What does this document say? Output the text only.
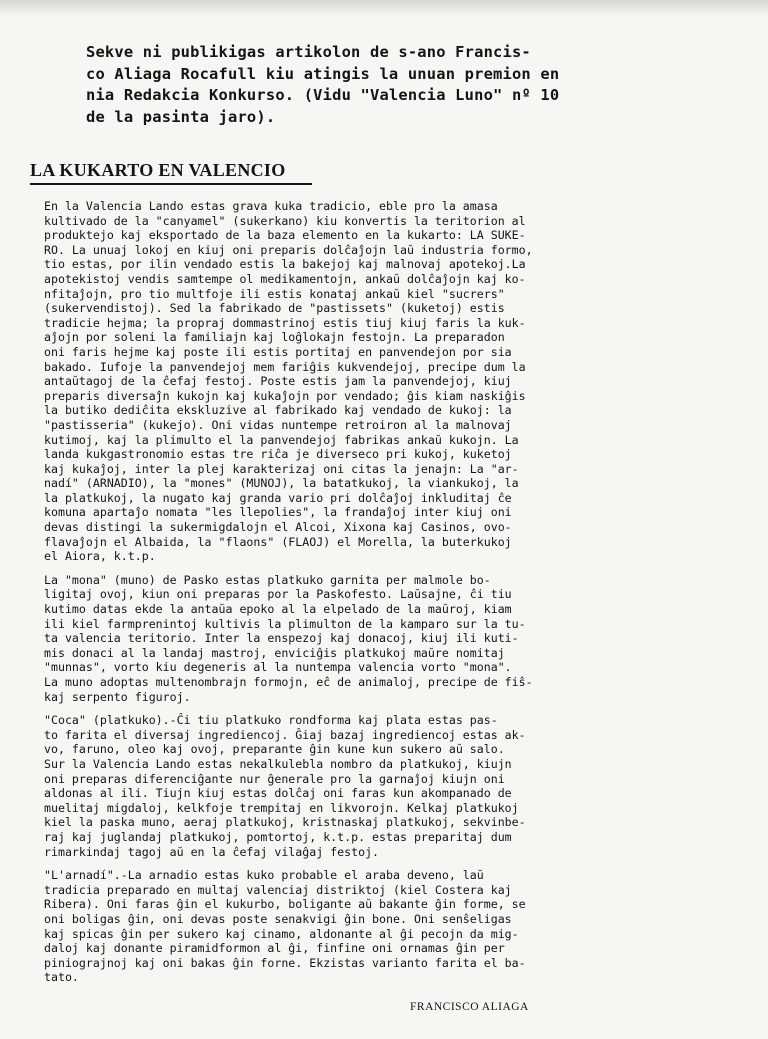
Sekve ni publikigas artikolon de s-ano Francis-
co Aliaga Rocafull kiu atingis la unuan premion en
nia Redakcia Konkurso. (Vidu "Valencia Luno" nº 10
de la pasinta jaro).
LA KUKARTO EN VALENCIO

En la Valencia Lando estas grava kuka tradicio, eble pro la amasa
kultivado de la "canyamel" (sukerkano) kiu konvertis la teritorion al
produktejo kaj eksportado de la baza elemento en la kukarto: LA SUKE-
RO. La unuaj lokoj en kiuj oni preparis dolĉaĵojn laŭ industria formo,
tio estas, por ilin vendado estis la bakejoj kaj malnovaj apotekoj.La
apotekistoj vendis samtempe ol medikamentojn, ankaŭ dolĉaĵojn kaj ko-
nfitaĵojn, pro tio multfoje ili estis konataj ankaŭ kiel "sucrers"
(sukervendistoj). Sed la fabrikado de "pastissets" (kuketoj) estis
tradicie hejma; la propraj dommastrinoj estis tiuj kiuj faris la kuk-
aĵojn por soleni la familiajn kaj loĝlokajn festojn. La preparadon
oni faris hejme kaj poste ili estis portitaj en panvendejon por sia
bakado. Iufoje la panvendejoj mem fariĝis kukvendejoj, precipe dum la
antaŭtagoj de la ĉefaj festoj. Poste estis jam la panvendejoj, kiuj
preparis diversaĵn kukojn kaj kukaĵojn por vendado; ĝis kiam naskiĝis
la butiko dediĉita ekskluzive al fabrikado kaj vendado de kukoj: la
"pastisseria" (kukejo). Oni vidas nuntempe retroiron al la malnovaj
kutimoj, kaj la plimulto el la panvendejoj fabrikas ankaŭ kukojn. La
landa kukgastronomio estas tre riĉa je diverseco pri kukoj, kuketoj
kaj kukaĵoj, inter la plej karakterizaj oni citas la jenajn: La "ar-
nadí" (ARNADIO), la "mones" (MUNOJ), la batatkukoj, la viankukoj, la
la platkukoj, la nugato kaj granda vario pri dolĉaĵoj inkluditaj ĉe
komuna apartaĵo nomata "les llepolies", la frandaĵoj inter kiuj oni
devas distingi la sukermigdalojn el Alcoi, Xixona kaj Casinos, ovo-
flavaĵojn el Albaida, la "flaons" (FLAOJ) el Morella, la buterkukoj
el Aiora, k.t.p.

La "mona" (muno) de Pasko estas platkuko garnita per malmole bo-
ligitaj ovoj, kiun oni preparas por la Paskofesto. Laŭsajne, ĉi tiu
kutimo datas ekde la antaŭa epoko al la elpelado de la maŭroj, kiam
ili kiel farmprenintoj kultivis la plimulton de la kamparo sur la tu-
ta valencia teritorio. Inter la enspezoj kaj donacoj, kiuj ili kuti-
mis donaci al la landaj mastroj, enviciĝis platkukoj maŭre nomitaj
"munnas", vorto kiu degeneris al la nuntempa valencia vorto "mona".
La muno adoptas multenombrajn formojn, eĉ de animaloj, precipe de fiŝ-
kaj serpento figuroj.

"Coca" (platkuko).-Ĉi tiu platkuko rondforma kaj plata estas pas-
to farita el diversaj ingrediencoj. Ĝiaj bazaj ingrediencoj estas ak-
vo, faruno, oleo kaj ovoj, preparante ĝin kune kun sukero aŭ salo.
Sur la Valencia Lando estas nekalkulebla nombro da platkukoj, kiujn
oni preparas diferenciĝante nur ĝenerale pro la garnaĵoj kiujn oni
aldonas al ili. Tiujn kiuj estas dolĉaj oni faras kun akompanado de
muelitaj migdaloj, kelkfoje trempitaj en likvorojn. Kelkaj platkukoj
kiel la paska muno, aeraj platkukoj, kristnaskaj platkukoj, sekvinbe-
raj kaj juglandaj platkukoj, pomtortoj, k.t.p. estas preparitaj dum
rimarkindaj tagoj aŭ en la ĉefaj vilaĝaj festoj.

"L'arnadí".-La arnadio estas kuko probable el araba deveno, laŭ
tradicia preparado en multaj valenciaj distriktoj (kiel Costera kaj
Ribera). Oni faras ĝin el kukurbo, boligante aŭ bakante ĝin forme, se
oni boligas ĝin, oni devas poste senakvigi ĝin bone. Oni senŝeligas
kaj spicas ĝin per sukero kaj cinamo, aldonante al ĝi pecojn da mig-
daloj kaj donante piramidformon al ĝi, finfine oni ornamas ĝin per
piniograjnoj kaj oni bakas ĝin forne. Ekzistas varianto farita el ba-
tato.

FRANCISCO ALIAGA
